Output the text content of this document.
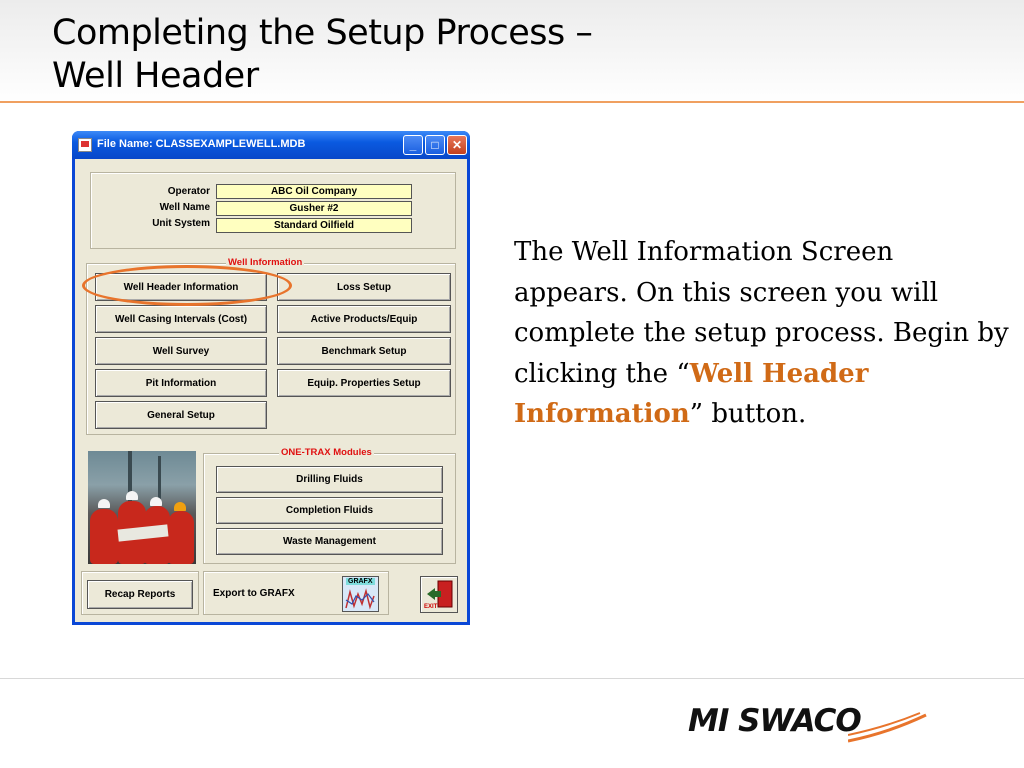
Completing the Setup Process –
Well Header
The Well Information Screen appears. On this screen you will complete the setup process. Begin by clicking the “Well Header Information” button.
File Name: CLASSEXAMPLEWELL.MDB	_	□	✕
Operator	ABC Oil Company
Well Name	Gusher #2
Unit System	Standard Oilfield
Well Information
Well Header Information	Loss Setup
Well Casing Intervals (Cost)	Active Products/Equip
Well Survey	Benchmark Setup
Pit Information	Equip. Properties Setup
General Setup
ONE-TRAX Modules
Drilling Fluids
Completion Fluids
Waste Management
Recap Reports	Export to GRAFX
GRAFX
EXIT
MI SWACO
